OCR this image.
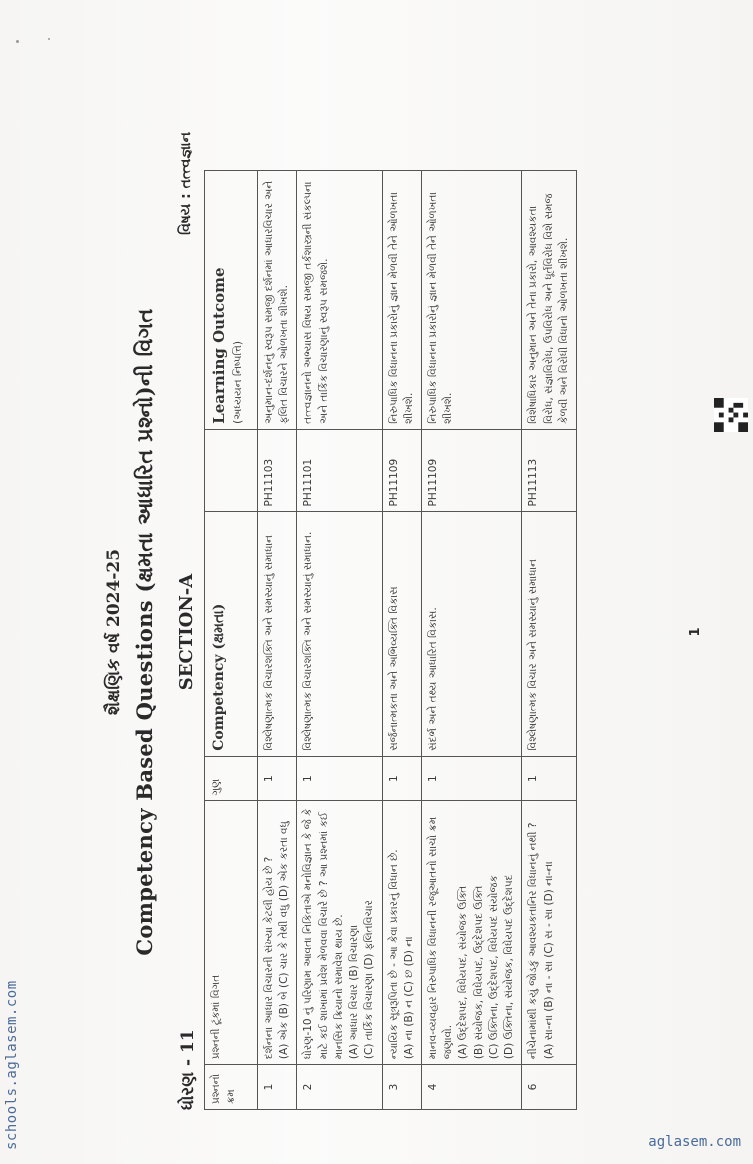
શૈક્ષણિક વર્ષ 2024-25 Competency Based Questions (ક્ષમતા આધારિત પ્રશ્નો)ની વિગત
ધોરણ - 11
SECTION-A
વિષય : તત્ત્વજ્ઞાન
પ્રશ્નનો ક્રમ	પ્રશ્નની ટૂંકમાં વિગત	ગુણ	Competency (ક્ષમતા)		Learning Outcome (અધ્યયન નિષ્પત્તિ)

1	દર્શનના આધાર વિચારની સંખ્યા કેટલી હોય છે ? (A) એક (B) બે (C) ચાર કે તેથી વધુ (D) એક કરતા વધુ	1	વિશ્લેષણાત્મક વિચારશક્તિ અને સમસ્યાનું સમાધાન	PH11103	અનુમાન-દર્શનનું સ્વરૂપ સમજી દર્શનમાં આધારવિચાર અને ફલિત વિચારને ઓળખતા શીખશે.
2	ધોરણ-10 નું પરિણામ આવતા નિકિતાએ મનોવિજ્ઞાન કે જે કે માટે કઈ શાખામાં પ્રવેશ મેળવવા વિચારે છે ? આ પ્રશ્નમાં કઈ માનસિક ક્રિયાનો સમાવેશ થાય છે. (A) આધાર વિચાર (B) વિચારણા (C) તાર્કિક વિચારણા (D) ફલિતવિચાર	1	વિશ્લેષણાત્મક વિચારશક્તિ અને સમસ્યાનું સમાધાન.	PH11101	તત્ત્વજ્ઞાનનો અભ્યાસ વિષય સમજી તર્કશાસ્ત્રની સંકલ્પના અને તાર્કિક વિચારણાનું સ્વરૂપ સમજશે.
3	ન્યાયિક સૂત્રરૂપિતા છે - આ કેવા પ્રકારનું વિધાન છે. (A) ના (B) ન (C) છ (D) ના	1	સર્જનાત્મકતા અને અભિવ્યક્તિ વિકાસ	PH11109	નિરુપાધિક વિધાનના પ્રકારોનું જ્ઞાન મેળવી તેને ઓળખતા શીખશે.
4	માનવ-વ્યવહાર નિરુપાધિક વિધાનની રજૂઆતનો સાચો ક્રમ જણાવો. (A) ઉદ્દેશપદ, વિધેયપદ, સંયોજક ઉક્તિ (B) સંયોજક, વિધેયપદ, ઉદ્દેશપદ ઉક્તિ (C) ઉક્તિના, ઉદ્દેશપદ, વિધેયપદ સંયોજક (D) ઉક્તિના, સંયોજક, વિધેયપદ ઉદ્દેશપદ	1	સંદર્ભ અને તથ્ય આધારિત વિકાસ.	PH11109	નિરુપાધિક વિધાનના પ્રકારોનું જ્ઞાન મેળવી તેને ઓળખતા શીખશે.
6	નીચેનામાંથી કયું જોડકું આવશ્યકતાનિર વિધાનનું નથી ? (A) સા-ના (B) ના - સા (C) સ - સા (D) ના-ના	1	વિશ્લેષણાત્મક વિચાર અને સમસ્યાનું સમાધાન	PH11113	વિશેષાધિકાર અનુમાન અને તેના પ્રકારો, આવશ્યકતા વિરોધ, સંજ્ઞાવિરોધ, ઉપવિરોધ અને ધૂર્તવિરોધ વિશે સમજ કેળવી અને વિરોધી વિધાનો ઓળખતા શીખશે.
1
schools.aglasem.com	aglasem.com
